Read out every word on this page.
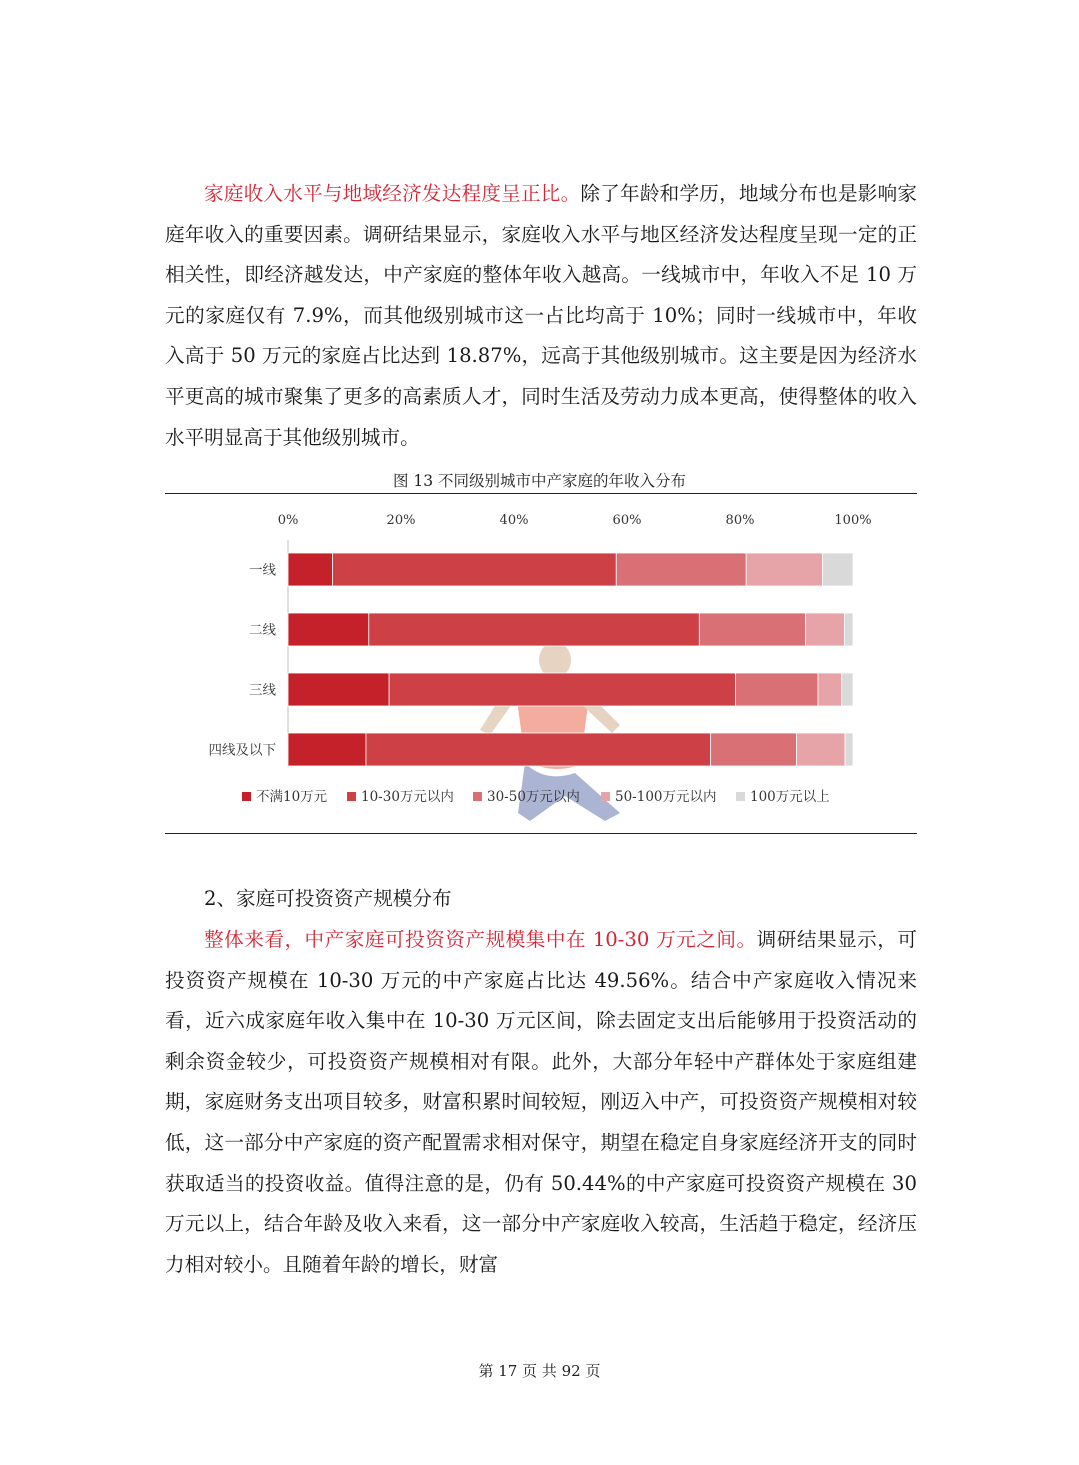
家庭收入水平与地域经济发达程度呈正比。除了年龄和学历，地域分布也是影响家庭年收入的重要因素。调研结果显示，家庭收入水平与地区经济发达程度呈现一定的正相关性，即经济越发达，中产家庭的整体年收入越高。一线城市中，年收入不足 10 万元的家庭仅有 7.9%，而其他级别城市这一占比均高于 10%；同时一线城市中，年收入高于 50 万元的家庭占比达到 18.87%，远高于其他级别城市。这主要是因为经济水平更高的城市聚集了更多的高素质人才，同时生活及劳动力成本更高，使得整体的收入水平明显高于其他级别城市。

图 13 不同级别城市中产家庭的年收入分布

0%	20%	40%	60%	80%	100%
一线
二线
三线
四线及以下
不满10万元	10-30万元以内 30-50万元以内	50-100万元以内 100万元以上

2、家庭可投资资产规模分布

整体来看，中产家庭可投资资产规模集中在 10-30 万元之间。调研结果显示，可投资资产规模在 10-30 万元的中产家庭占比达 49.56%。结合中产家庭收入情况来看，近六成家庭年收入集中在 10-30 万元区间，除去固定支出后能够用于投资活动的剩余资金较少，可投资资产规模相对有限。此外，大部分年轻中产群体处于家庭组建期，家庭财务支出项目较多，财富积累时间较短，刚迈入中产，可投资资产规模相对较低，这一部分中产家庭的资产配置需求相对保守，期望在稳定自身家庭经济开支的同时获取适当的投资收益。值得注意的是，仍有 50.44%的中产家庭可投资资产规模在 30 万元以上，结合年龄及收入来看，这一部分中产家庭收入较高，生活趋于稳定，经济压力相对较小。且随着年龄的增长，财富

第 17 页 共 92 页
